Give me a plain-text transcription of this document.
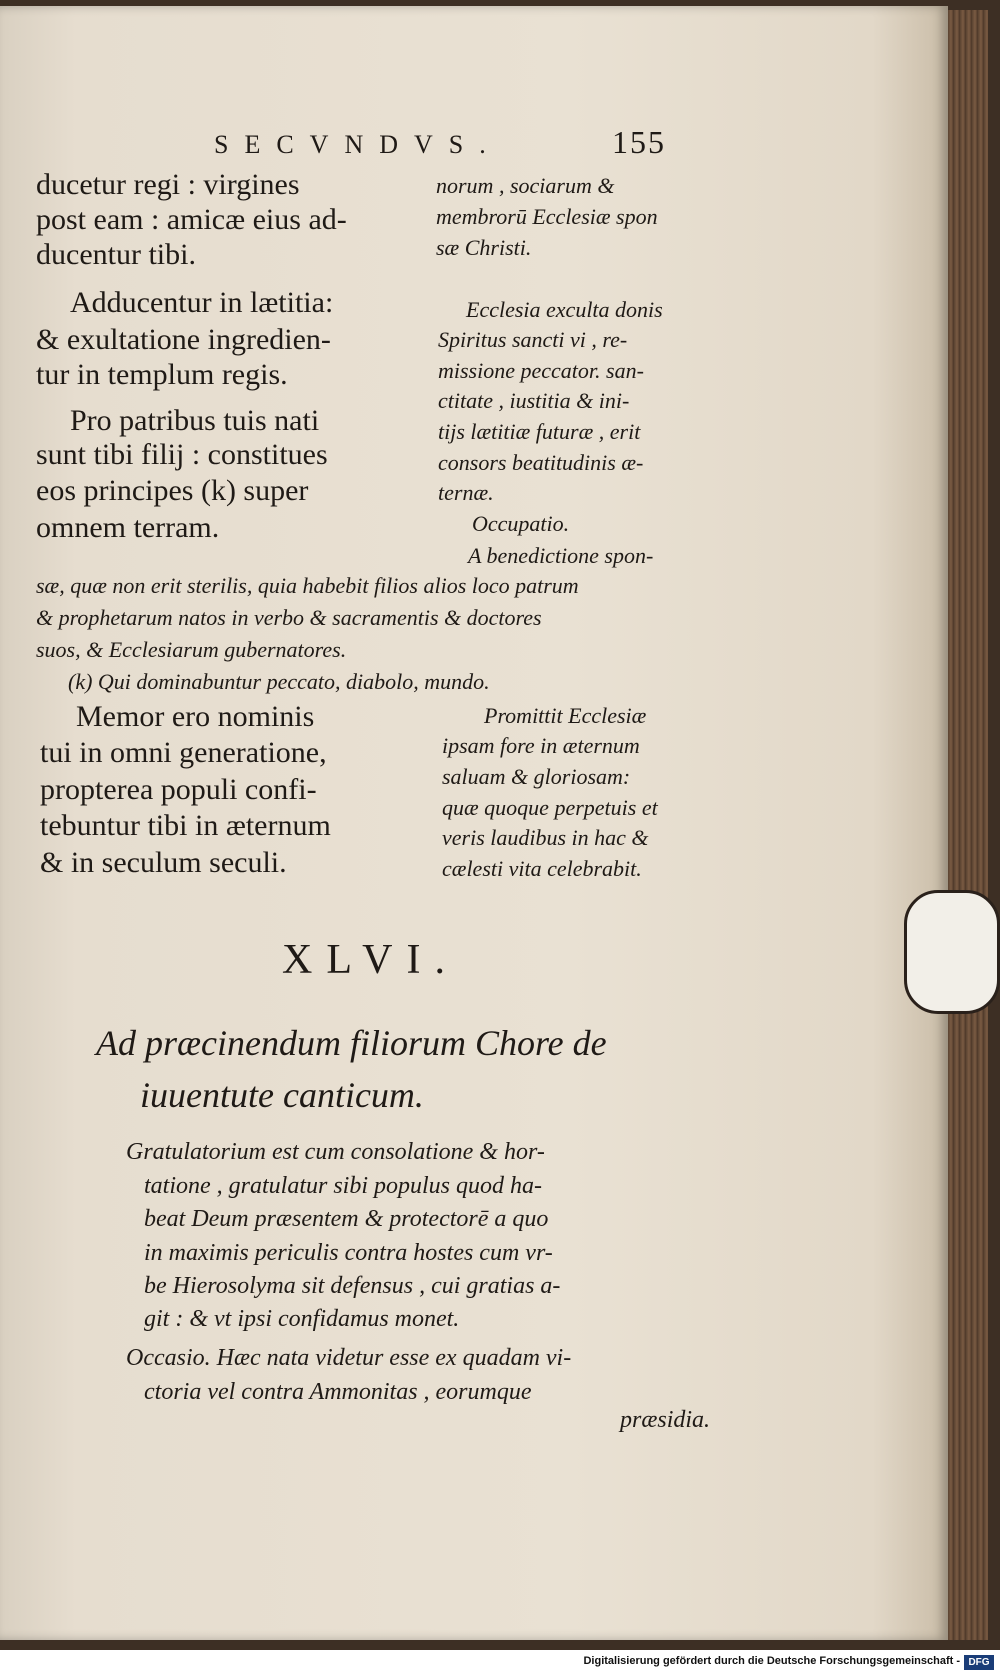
SECVNDVS.	155
ducetur regi : virgines
post eam : amicæ eius ad-
ducentur tibi.
Adducentur in lætitia:
& exultatione ingredien-
tur in templum regis.
Pro patribus tuis nati
sunt tibi filij : constitues
eos principes (k) super
omnem terram.
norum , sociarum &
membrorū Ecclesiæ spon
sæ Christi.
Ecclesia exculta donis
Spiritus sancti vi , re-
missione peccator. san-
ctitate , iustitia & ini-
tijs lætitiæ futuræ , erit
consors beatitudinis æ-
ternæ.
Occupatio.
A benedictione spon-
sæ, quæ non erit sterilis, quia habebit filios alios loco patrum
& prophetarum natos in verbo & sacramentis & doctores
suos, & Ecclesiarum gubernatores.
(k) Qui dominabuntur peccato, diabolo, mundo.
Memor ero nominis
tui in omni generatione,
propterea populi confi-
tebuntur tibi in æternum
& in seculum seculi.
Promittit Ecclesiæ
ipsam fore in æternum
saluam & gloriosam:
quæ quoque perpetuis et
veris laudibus in hac &
cælesti vita celebrabit.
XLVI.
Ad præcinendum filiorum Chore de
iuuentute canticum.
Gratulatorium est cum consolatione & hor-
tatione , gratulatur sibi populus quod ha-
beat Deum præsentem & protectorē a quo
in maximis periculis contra hostes cum vr-
be Hierosolyma sit defensus , cui gratias a-
git : & vt ipsi confidamus monet.
Occasio. Hæc nata videtur esse ex quadam vi-
ctoria vel contra Ammonitas , eorumque
præsidia.
Digitalisierung gefördert durch die Deutsche Forschungsgemeinschaft - DFG
